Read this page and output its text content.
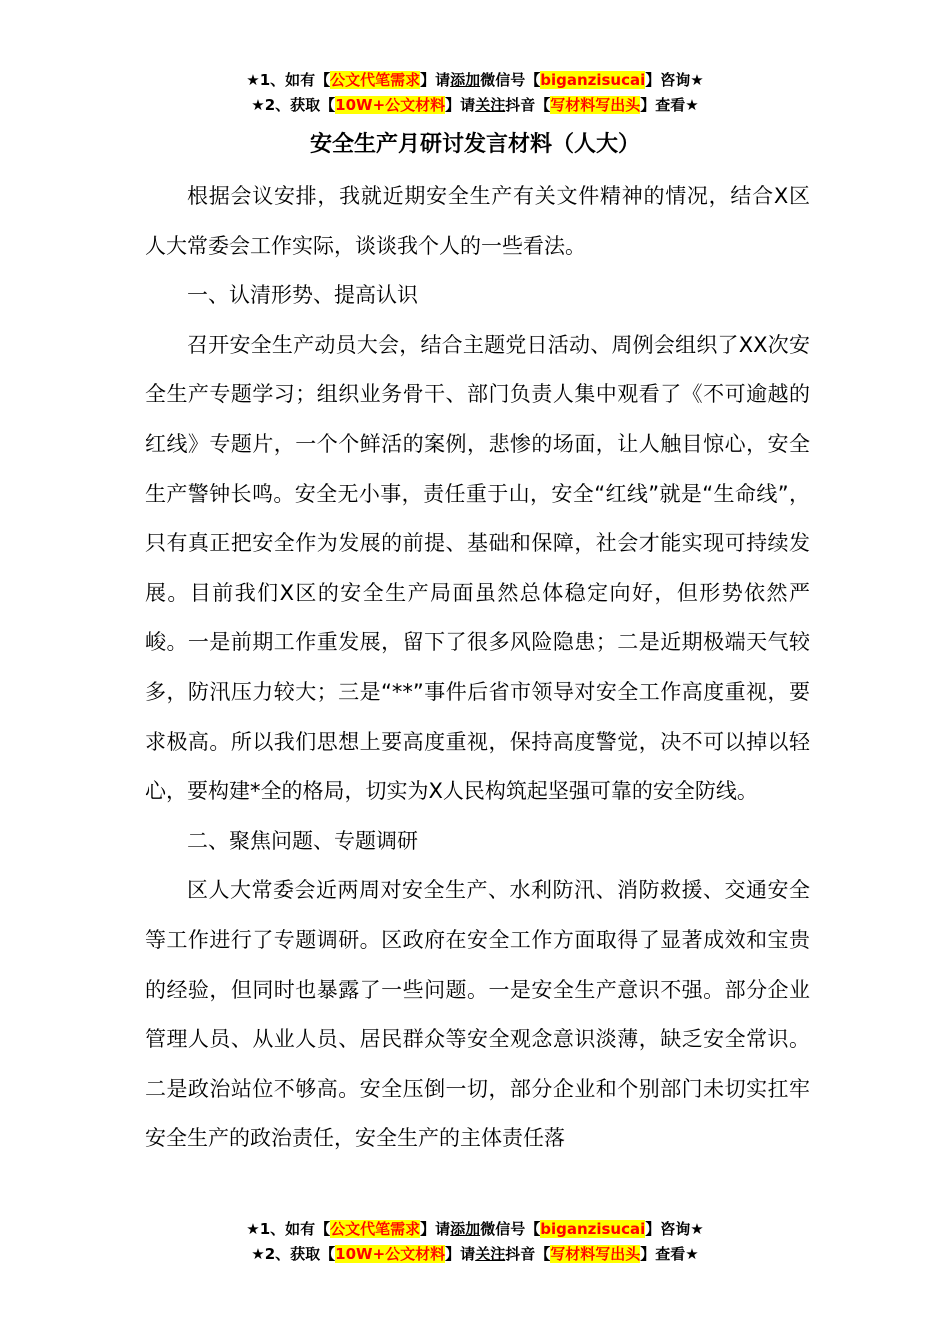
★1、如有【公文代笔需求】请添加微信号【biganzisucai】咨询★
★2、获取【10W+公文材料】请关注抖音【写材料写出头】查看★
安全生产月研讨发言材料（人大）

根据会议安排，我就近期安全生产有关文件精神的情况，结合X区人大常委会工作实际，谈谈我个人的一些看法。

一、认清形势、提高认识

召开安全生产动员大会，结合主题党日活动、周例会组织了XX次安全生产专题学习；组织业务骨干、部门负责人集中观看了《不可逾越的红线》专题片，一个个鲜活的案例，悲惨的场面，让人触目惊心，安全生产警钟长鸣。安全无小事，责任重于山，安全“红线”就是“生命线”，只有真正把安全作为发展的前提、基础和保障，社会才能实现可持续发展。目前我们X区的安全生产局面虽然总体稳定向好，但形势依然严峻。一是前期工作重发展，留下了很多风险隐患；二是近期极端天气较多，防汛压力较大；三是“**”事件后省市领导对安全工作高度重视，要求极高。所以我们思想上要高度重视，保持高度警觉，决不可以掉以轻心，要构建*全的格局，切实为X人民构筑起坚强可靠的安全防线。

二、聚焦问题、专题调研

区人大常委会近两周对安全生产、水利防汛、消防救援、交通安全等工作进行了专题调研。区政府在安全工作方面取得了显著成效和宝贵的经验，但同时也暴露了一些问题。一是安全生产意识不强。部分企业管理人员、从业人员、居民群众等安全观念意识淡薄，缺乏安全常识。二是政治站位不够高。安全压倒一切，部分企业和个别部门未切实扛牢安全生产的政治责任，安全生产的主体责任落

★1、如有【公文代笔需求】请添加微信号【biganzisucai】咨询★
★2、获取【10W+公文材料】请关注抖音【写材料写出头】查看★
